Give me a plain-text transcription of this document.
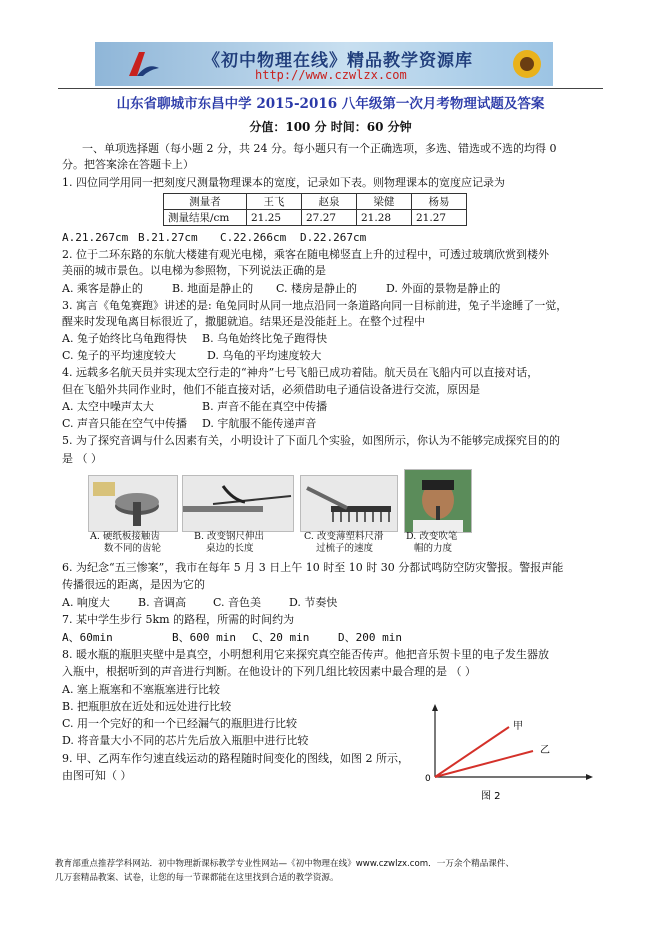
《初中物理在线》精品教学资源库
http://www.czwlzx.com
山东省聊城市东昌中学 2015-2016 八年级第一次月考物理试题及答案
分值：100 分 时间：60 分钟
一、单项选择题（每小题 2 分，共 24 分。每小题只有一个正确选项，多选、错选或不选的均得 0
分。把答案涂在答题卡上）
1. 四位同学用同一把刻度尺测量物理课本的宽度，记录如下表。则物理课本的宽度应记录为
测量者	王飞	赵泉	梁健	杨易
测量结果/cm	21.25	27.27	21.28	21.27
A.21.267cm B.21.27cm C.22.266cm D.22.267cm
2. 位于二环东路的东航大楼建有观光电梯，乘客在随电梯竖直上升的过程中，可透过玻璃欣赏到楼外
美丽的城市景色。以电梯为参照物，下列说法正确的是
A. 乘客是静止的	B. 地面是静止的 C. 楼房是静止的	D. 外面的景物是静止的
3. 寓言《龟兔赛跑》讲述的是: 龟兔同时从同一地点沿同一条道路向同一目标前进，兔子半途睡了一觉，
醒来时发现龟离目标很近了，撒腿就追。结果还是没能赶上。在整个过程中
A. 兔子始终比乌龟跑得快 B. 乌龟始终比兔子跑得快
C. 兔子的平均速度较大	D. 乌龟的平均速度较大
4. 远载多名航天员并实现太空行走的“神舟”七号飞船已成功着陆。航天员在飞船内可以直接对话，
但在飞船外共同作业时，他们不能直接对话，必须借助电子通信设备进行交流，原因是
A. 太空中噪声太大	B. 声音不能在真空中传播
C. 声音只能在空气中传播 D. 宇航服不能传递声音
5. 为了探究音调与什么因素有关，小明设计了下面几个实验，如图所示，你认为不能够完成探究目的的
是 （ ）
A. 硬纸板接触齿
数不同的齿轮
B. 改变钢尺伸出
桌边的长度
C. 改变薄塑料尺滑
过梳子的速度
D. 改变吹笔
帽的力度
6. 为纪念“五三惨案”，我市在每年 5 月 3 日上午 10 时至 10 时 30 分都试鸣防空防灾警报。警报声能
传播很远的距离，是因为它的
A. 响度大	B. 音调高 C. 音色美	D. 节奏快
7. 某中学生步行 5km 的路程，所需的时间约为
A、60min	B、600 min C、20 min	D、200 min
8. 暖水瓶的瓶胆夹壁中是真空，小明想利用它来探究真空能否传声。他把音乐贺卡里的电子发生器放
入瓶中，根据听到的声音进行判断。在他设计的下列几组比较因素中最合理的是 （ ）
A. 塞上瓶塞和不塞瓶塞进行比较
B. 把瓶胆放在近处和远处进行比较
C. 用一个完好的和一个已经漏气的瓶胆进行比较
D. 将音量大小不同的芯片先后放入瓶胆中进行比较
9. 甲、乙两车作匀速直线运动的路程随时间变化的图线，如图 2 所示，
由图可知（ ）
甲
乙
0
图 2
教育部重点推荐学科网站．初中物理新课标教学专业性网站—《初中物理在线》www.czwlzx.com．一万余个精品课件、
几万套精品教案、试卷，让您的每一节课都能在这里找到合适的教学资源。
